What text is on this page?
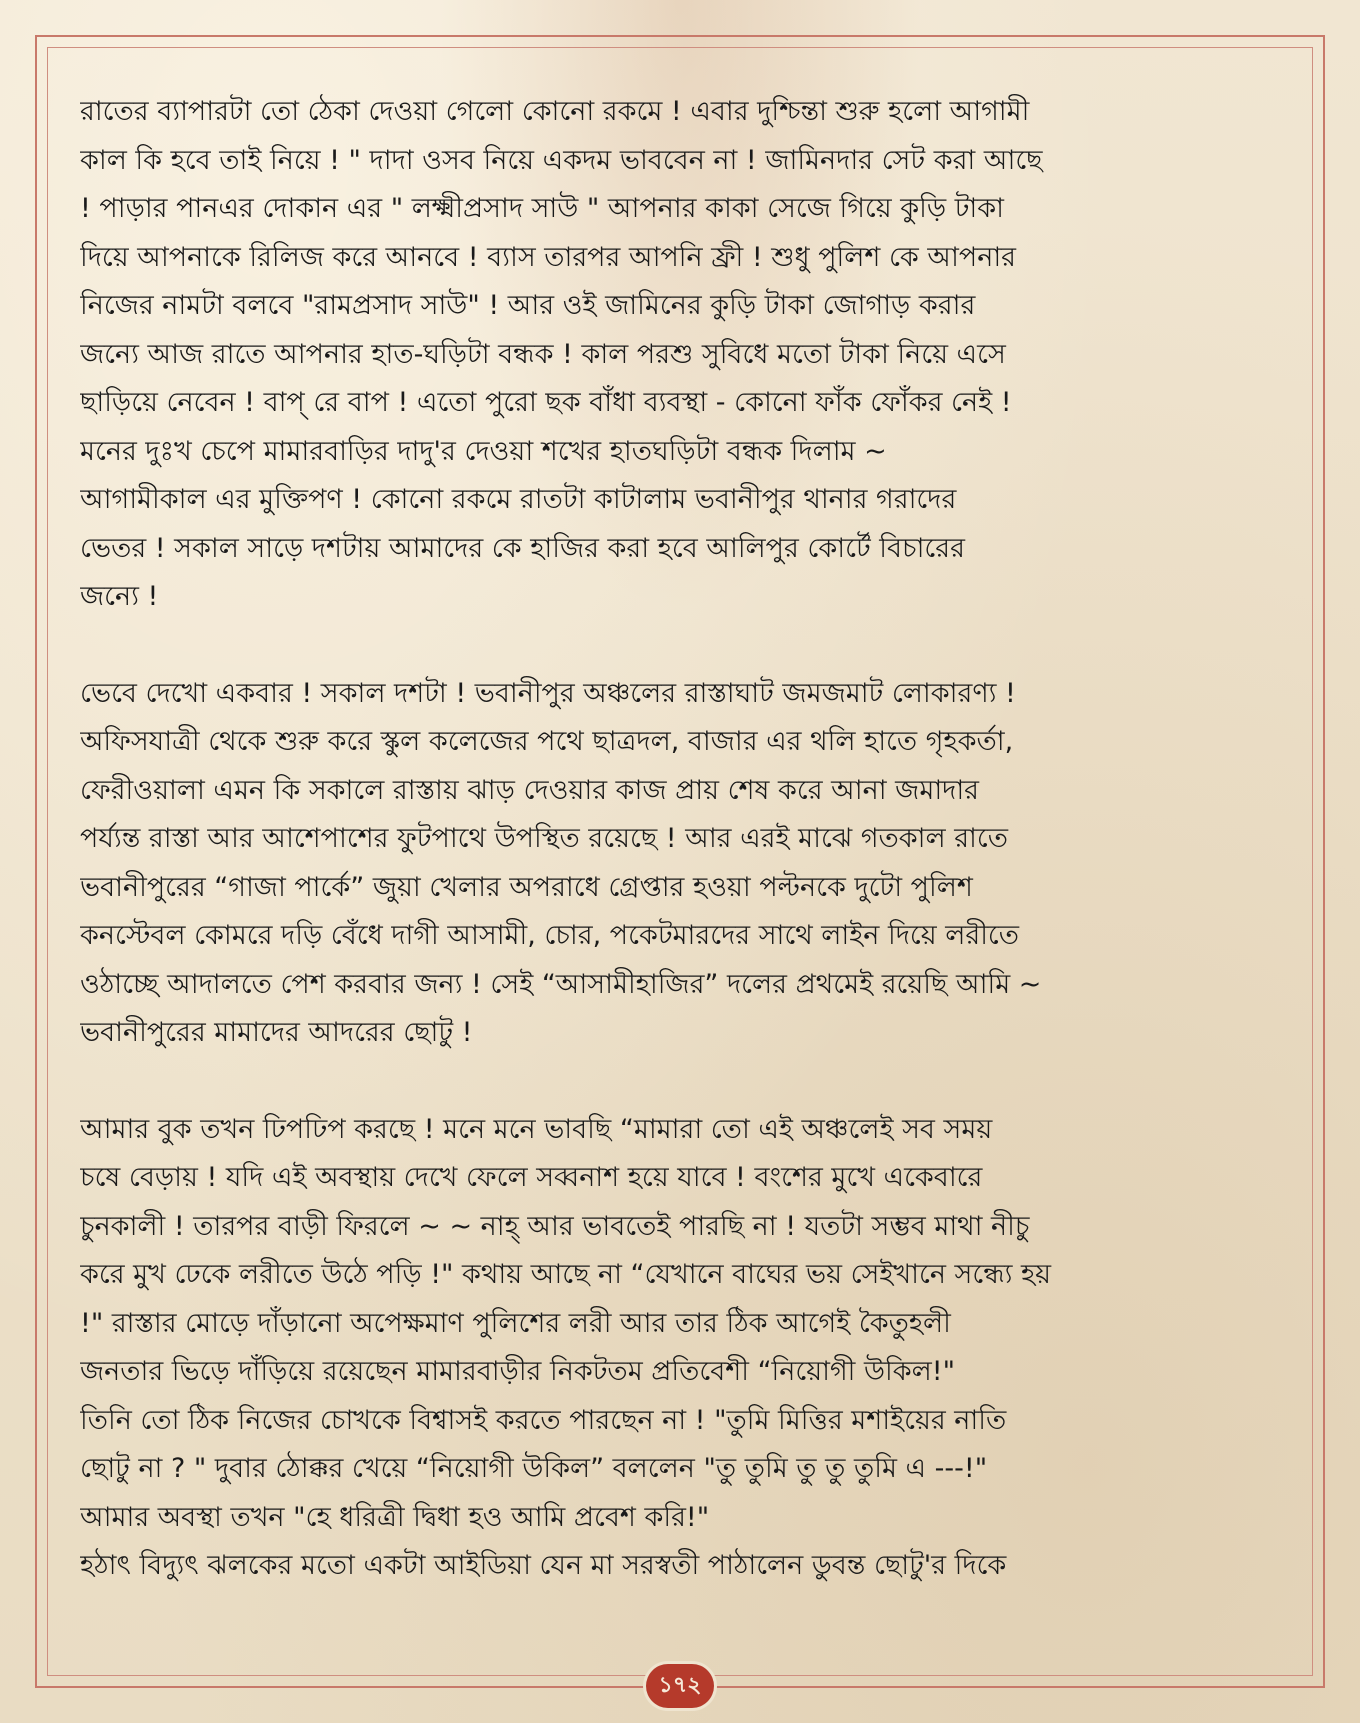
রাতের ব্যাপারটা তো ঠেকা দেওয়া গেলো কোনো রকমে ! এবার দুশ্চিন্তা শুরু হলো আগামী
কাল কি হবে তাই নিয়ে ! " দাদা ওসব নিয়ে একদম ভাববেন না ! জামিনদার সেট করা আছে
! পাড়ার পানএর দোকান এর " লক্ষ্মীপ্রসাদ সাউ " আপনার কাকা সেজে গিয়ে কুড়ি টাকা
দিয়ে আপনাকে রিলিজ করে আনবে ! ব্যাস তারপর আপনি ফ্রী ! শুধু পুলিশ কে আপনার
নিজের নামটা বলবে "রামপ্রসাদ সাউ" ! আর ওই জামিনের কুড়ি টাকা জোগাড় করার
জন্যে আজ রাতে আপনার হাত-ঘড়িটা বন্ধক ! কাল পরশু সুবিধে মতো টাকা নিয়ে এসে
ছাড়িয়ে নেবেন ! বাপ্ রে বাপ ! এতো পুরো ছক বাঁধা ব্যবস্থা - কোনো ফাঁক ফোঁকর নেই !
মনের দুঃখ চেপে মামারবাড়ির দাদু'র দেওয়া শখের হাতঘড়িটা বন্ধক দিলাম ~
আগামীকাল এর মুক্তিপণ ! কোনো রকমে রাতটা কাটালাম ভবানীপুর থানার গরাদের
ভেতর ! সকাল সাড়ে দশটায় আমাদের কে হাজির করা হবে আলিপুর কোর্টে বিচারের
জন্যে !
ভেবে দেখো একবার ! সকাল দশটা ! ভবানীপুর অঞ্চলের রাস্তাঘাট জমজমাট লোকারণ্য !
অফিসযাত্রী থেকে শুরু করে স্কুল কলেজের পথে ছাত্রদল, বাজার এর থলি হাতে গৃহকর্তা,
ফেরীওয়ালা এমন কি সকালে রাস্তায় ঝাড় দেওয়ার কাজ প্রায় শেষ করে আনা জমাদার
পর্য্যন্ত রাস্তা আর আশেপাশের ফুটপাথে উপস্থিত রয়েছে ! আর এরই মাঝে গতকাল রাতে
ভবানীপুরের “গাজা পার্কে” জুয়া খেলার অপরাধে গ্রেপ্তার হওয়া পল্টনকে দুটো পুলিশ
কনস্টেবল কোমরে দড়ি বেঁধে দাগী আসামী, চোর, পকেটমারদের সাথে লাইন দিয়ে লরীতে
ওঠাচ্ছে আদালতে পেশ করবার জন্য ! সেই “আসামীহাজির” দলের প্রথমেই রয়েছি আমি ~
ভবানীপুরের মামাদের আদরের ছোটু !
আমার বুক তখন ঢিপঢিপ করছে ! মনে মনে ভাবছি “মামারা তো এই অঞ্চলেই সব সময়
চষে বেড়ায় ! যদি এই অবস্থায় দেখে ফেলে সব্বনাশ হয়ে যাবে ! বংশের মুখে একেবারে
চুনকালী ! তারপর বাড়ী ফিরলে ~ ~ নাহ্ আর ভাবতেই পারছি না ! যতটা সম্ভব মাথা নীচু
করে মুখ ঢেকে লরীতে উঠে পড়ি !" কথায় আছে না “যেখানে বাঘের ভয় সেইখানে সন্ধ্যে হয়
!" রাস্তার মোড়ে দাঁড়ানো অপেক্ষমাণ পুলিশের লরী আর তার ঠিক আগেই কৈতুহলী
জনতার ভিড়ে দাঁড়িয়ে রয়েছেন মামারবাড়ীর নিকটতম প্রতিবেশী “নিয়োগী উকিল!"
তিনি তো ঠিক নিজের চোখকে বিশ্বাসই করতে পারছেন না ! "তুমি মিত্তির মশাইয়ের নাতি
ছোটু না ? " দুবার ঠোক্কর খেয়ে “নিয়োগী উকিল” বললেন "তু তুমি তু তু তুমি এ ---!"
আমার অবস্থা তখন "হে ধরিত্রী দ্বিধা হও আমি প্রবেশ করি!"
হঠাৎ বিদ্যুৎ ঝলকের মতো একটা আইডিয়া যেন মা সরস্বতী পাঠালেন ডুবন্ত ছোটু'র দিকে
১৭২
